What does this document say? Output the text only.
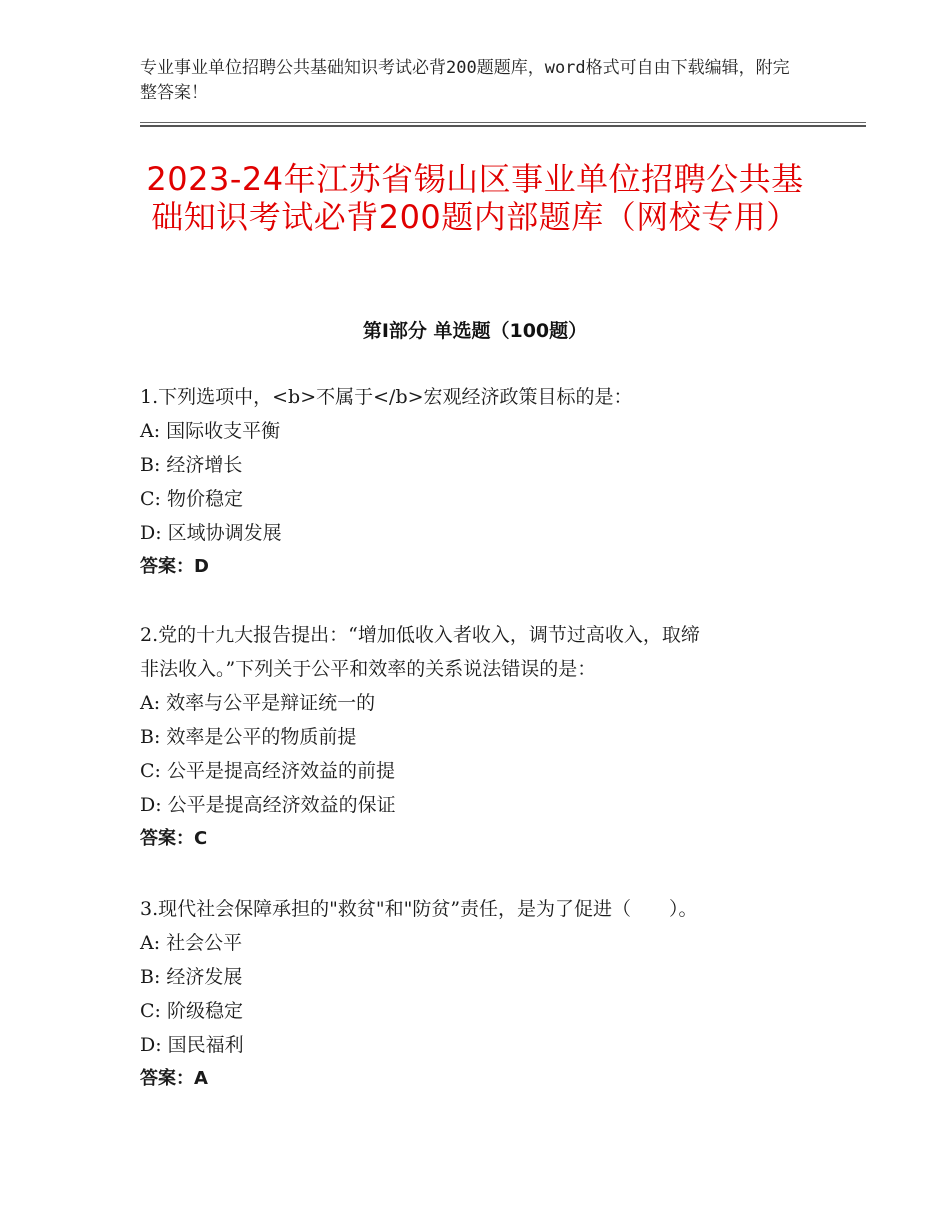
专业事业单位招聘公共基础知识考试必背200题题库，word格式可自由下载编辑，附完整答案！
2023-24年江苏省锡山区事业单位招聘公共基础知识考试必背200题内部题库（网校专用）
第Ⅰ部分 单选题（100题）
1.下列选项中，<b>不属于</b>宏观经济政策目标的是：
A: 国际收支平衡
B: 经济增长
C: 物价稳定
D: 区域协调发展
答案：D
2.党的十九大报告提出：“增加低收入者收入，调节过高收入，取缔
非法收入。”下列关于公平和效率的关系说法错误的是：
A: 效率与公平是辩证统一的
B: 效率是公平的物质前提
C: 公平是提高经济效益的前提
D: 公平是提高经济效益的保证
答案：C
3.现代社会保障承担的"救贫"和"防贫”责任，是为了促进（　　）。
A: 社会公平
B: 经济发展
C: 阶级稳定
D: 国民福利
答案：A
